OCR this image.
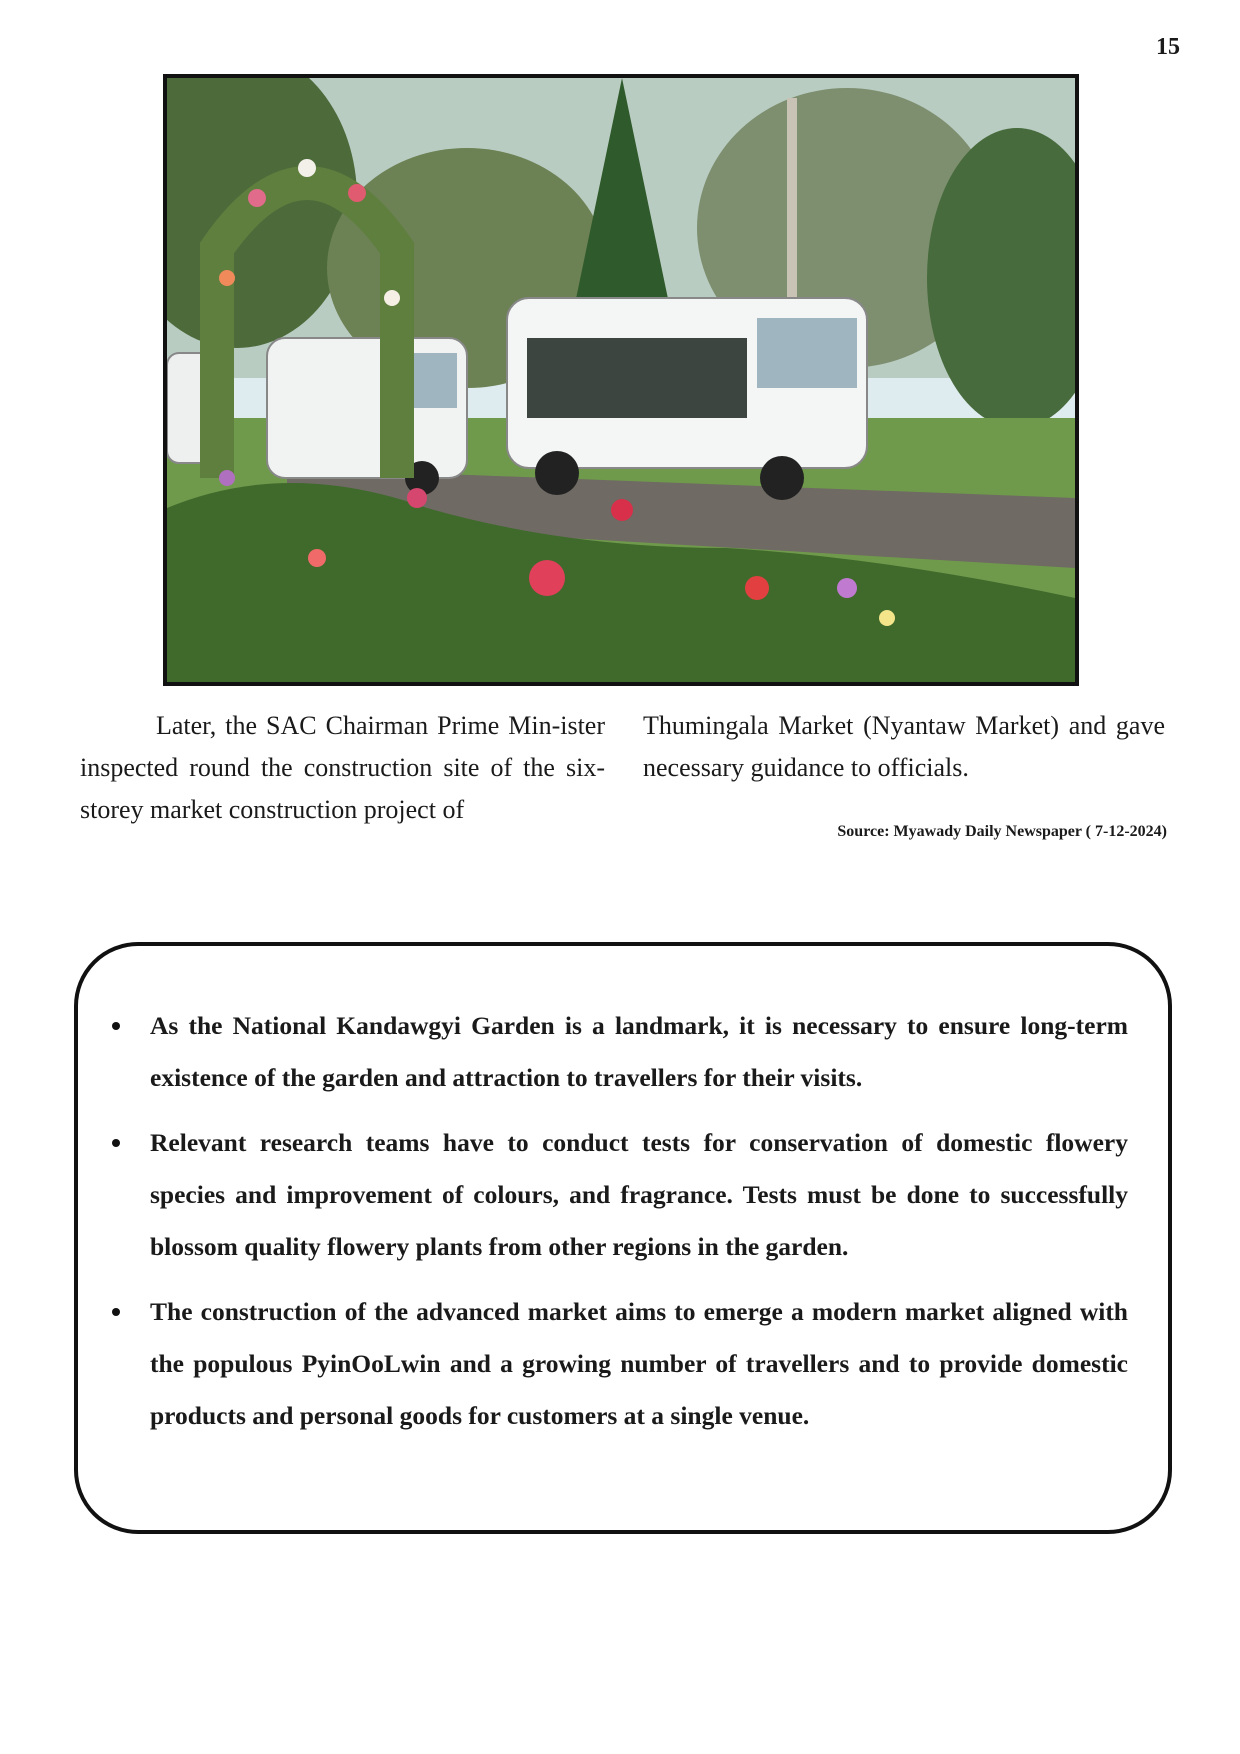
15
Later, the SAC Chairman Prime Min-ister inspected round the construction site of the six-storey market construction project of
Thumingala Market (Nyantaw Market) and gave necessary guidance to officials.
Source: Myawady Daily Newspaper ( 7-12-2024)
As the National Kandawgyi Garden is a landmark, it is necessary to ensure long-term existence of the garden and attraction to travellers for their visits.
Relevant research teams have to conduct tests for conservation of domestic flowery species and improvement of colours, and fragrance. Tests must be done to successfully blossom quality flowery plants from other regions in the garden.
The construction of the advanced market aims to emerge a modern market aligned with the populous PyinOoLwin and a growing number of travellers and to provide domestic products and personal goods for customers at a single venue.
